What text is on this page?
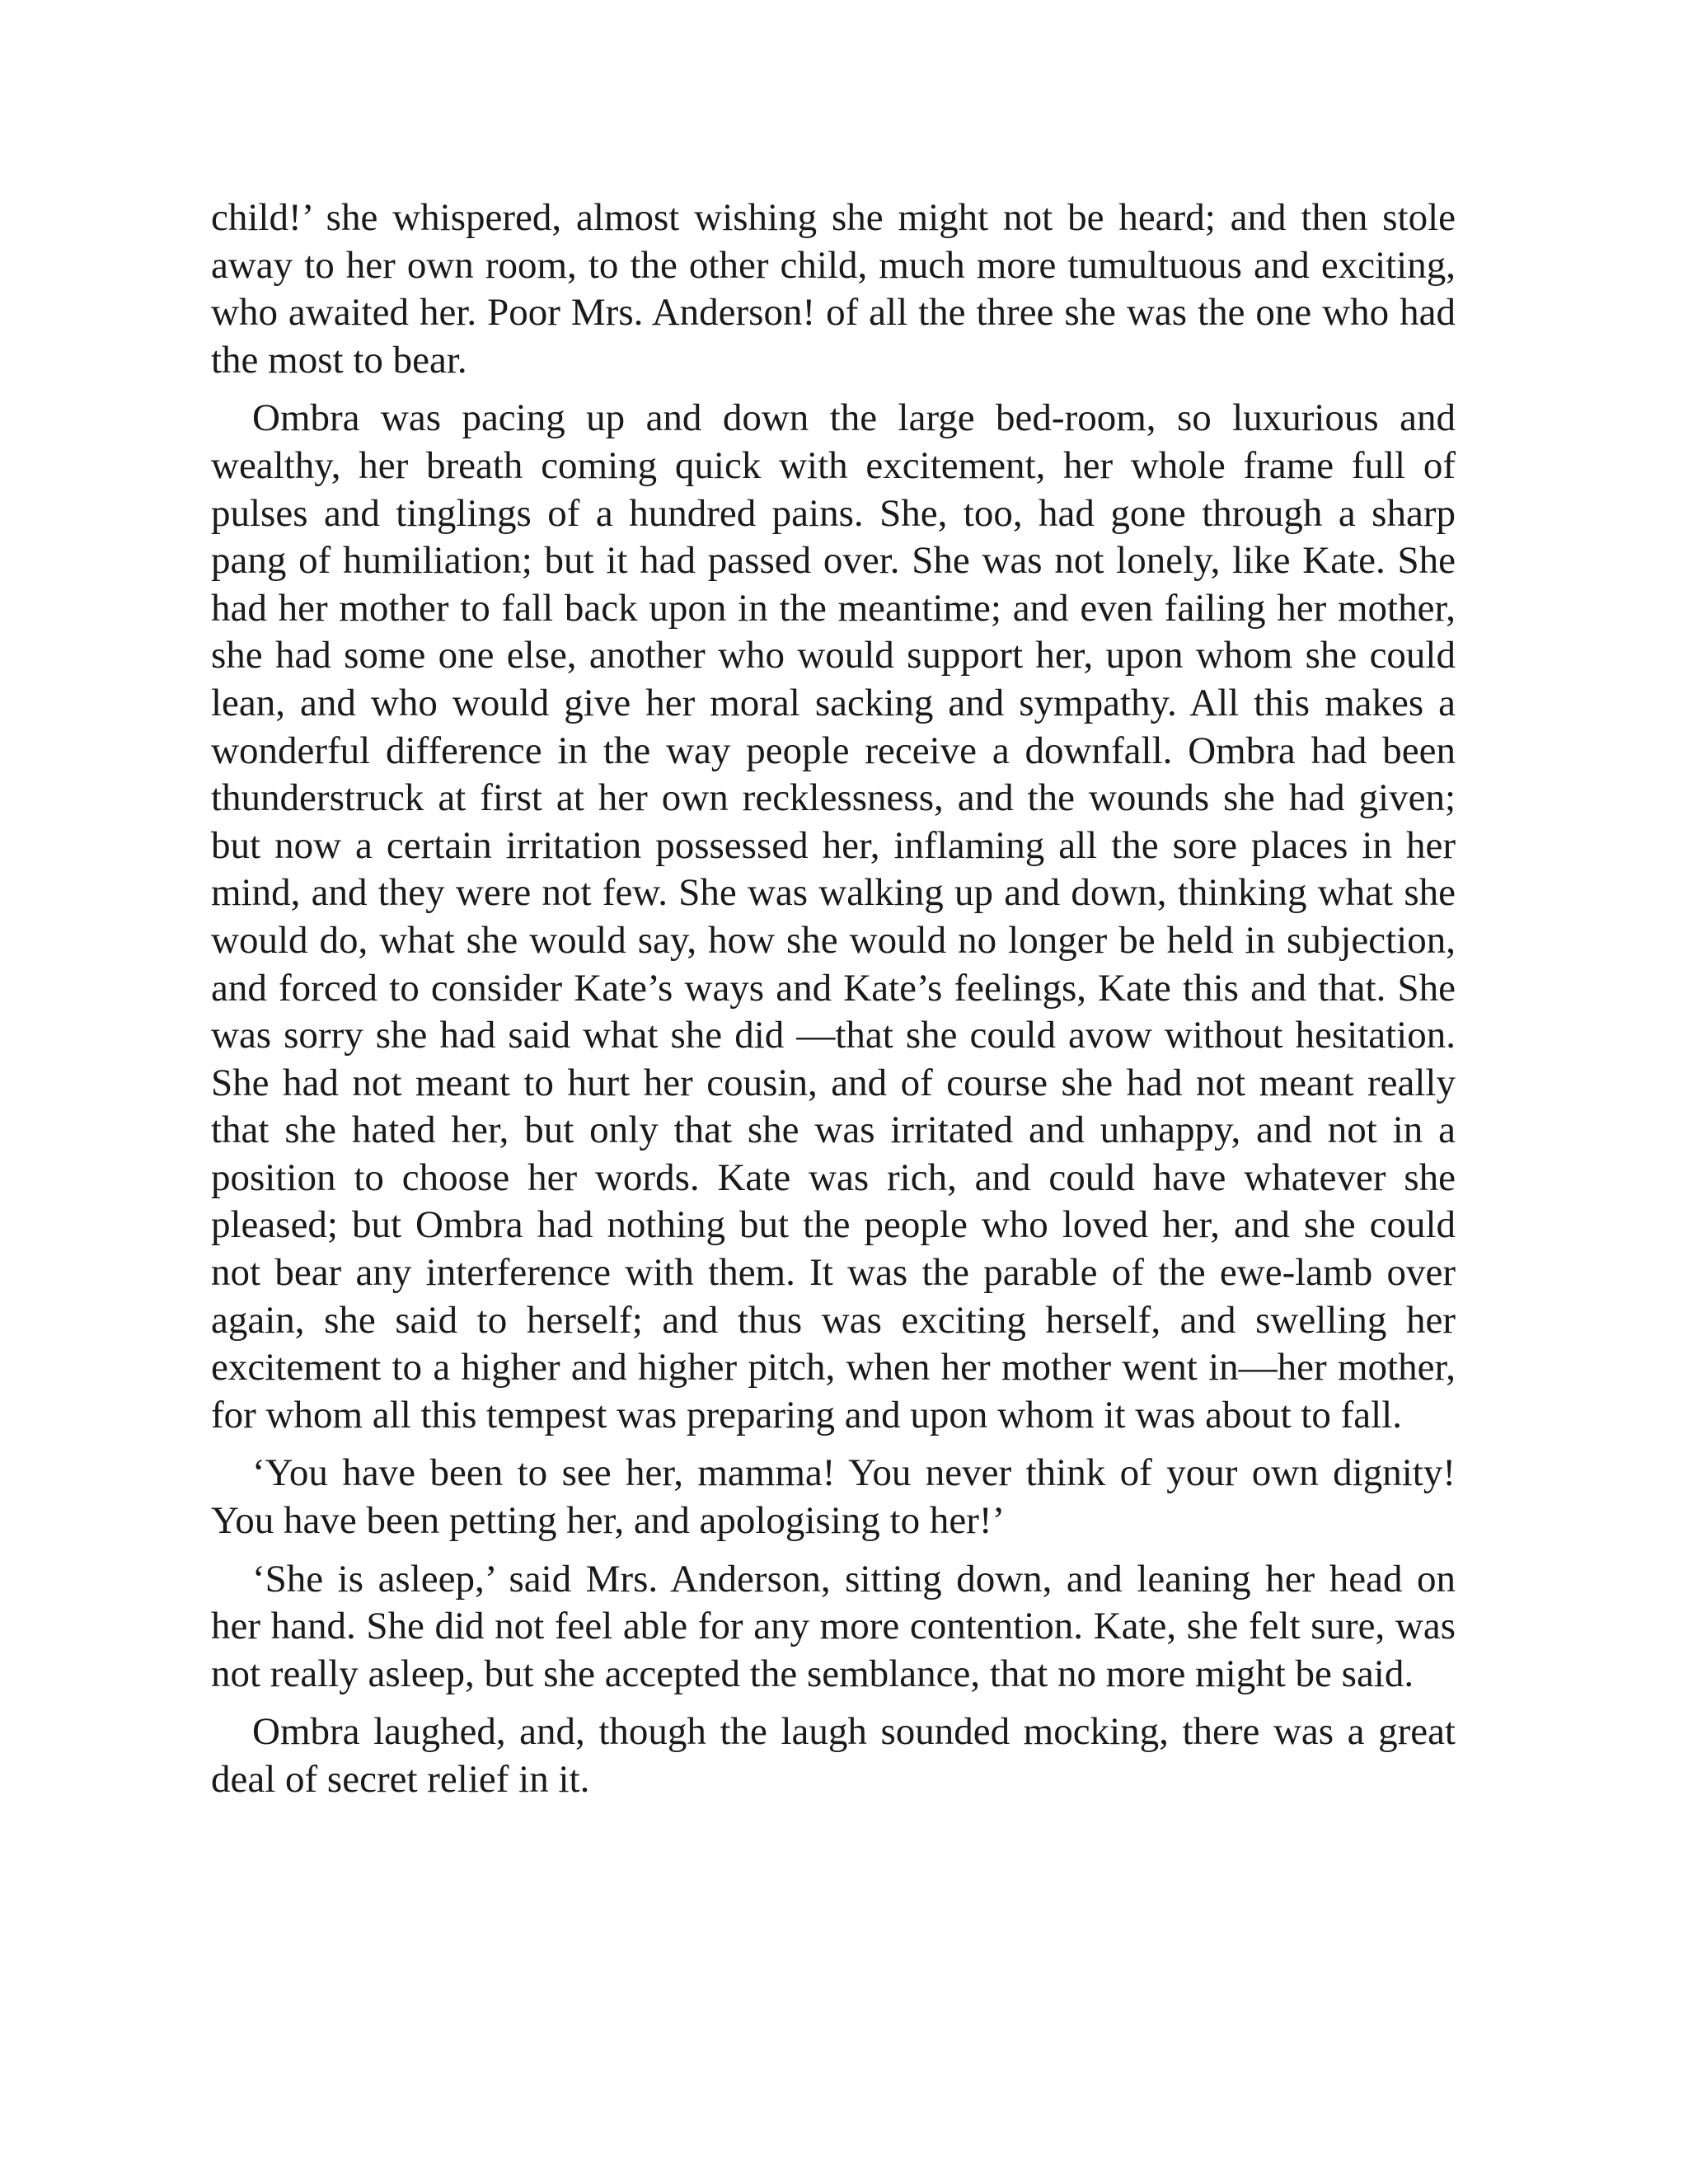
child!’ she whispered, almost wishing she might not be heard; and then stole away to her own room, to the other child, much more tumultuous and exciting, who awaited her. Poor Mrs. Anderson! of all the three she was the one who had the most to bear.

Ombra was pacing up and down the large bed-room, so luxurious and wealthy, her breath coming quick with excitement, her whole frame full of pulses and tinglings of a hundred pains. She, too, had gone through a sharp pang of humiliation; but it had passed over. She was not lonely, like Kate. She had her mother to fall back upon in the meantime; and even failing her mother, she had some one else, another who would support her, upon whom she could lean, and who would give her moral sacking and sympathy. All this makes a wonderful difference in the way people receive a downfall. Ombra had been thunderstruck at first at her own recklessness, and the wounds she had given; but now a certain irritation possessed her, inflaming all the sore places in her mind, and they were not few. She was walking up and down, thinking what she would do, what she would say, how she would no longer be held in subjection, and forced to consider Kate’s ways and Kate’s feelings, Kate this and that. She was sorry she had said what she did —that she could avow without hesitation. She had not meant to hurt her cousin, and of course she had not meant really that she hated her, but only that she was irritated and unhappy, and not in a position to choose her words. Kate was rich, and could have whatever she pleased; but Ombra had nothing but the people who loved her, and she could not bear any interference with them. It was the parable of the ewe-lamb over again, she said to herself; and thus was exciting herself, and swelling her excitement to a higher and higher pitch, when her mother went in—her mother, for whom all this tempest was preparing and upon whom it was about to fall.

‘You have been to see her, mamma! You never think of your own dignity! You have been petting her, and apologising to her!’

‘She is asleep,’ said Mrs. Anderson, sitting down, and leaning her head on her hand. She did not feel able for any more contention. Kate, she felt sure, was not really asleep, but she accepted the semblance, that no more might be said.

Ombra laughed, and, though the laugh sounded mocking, there was a great deal of secret relief in it.
